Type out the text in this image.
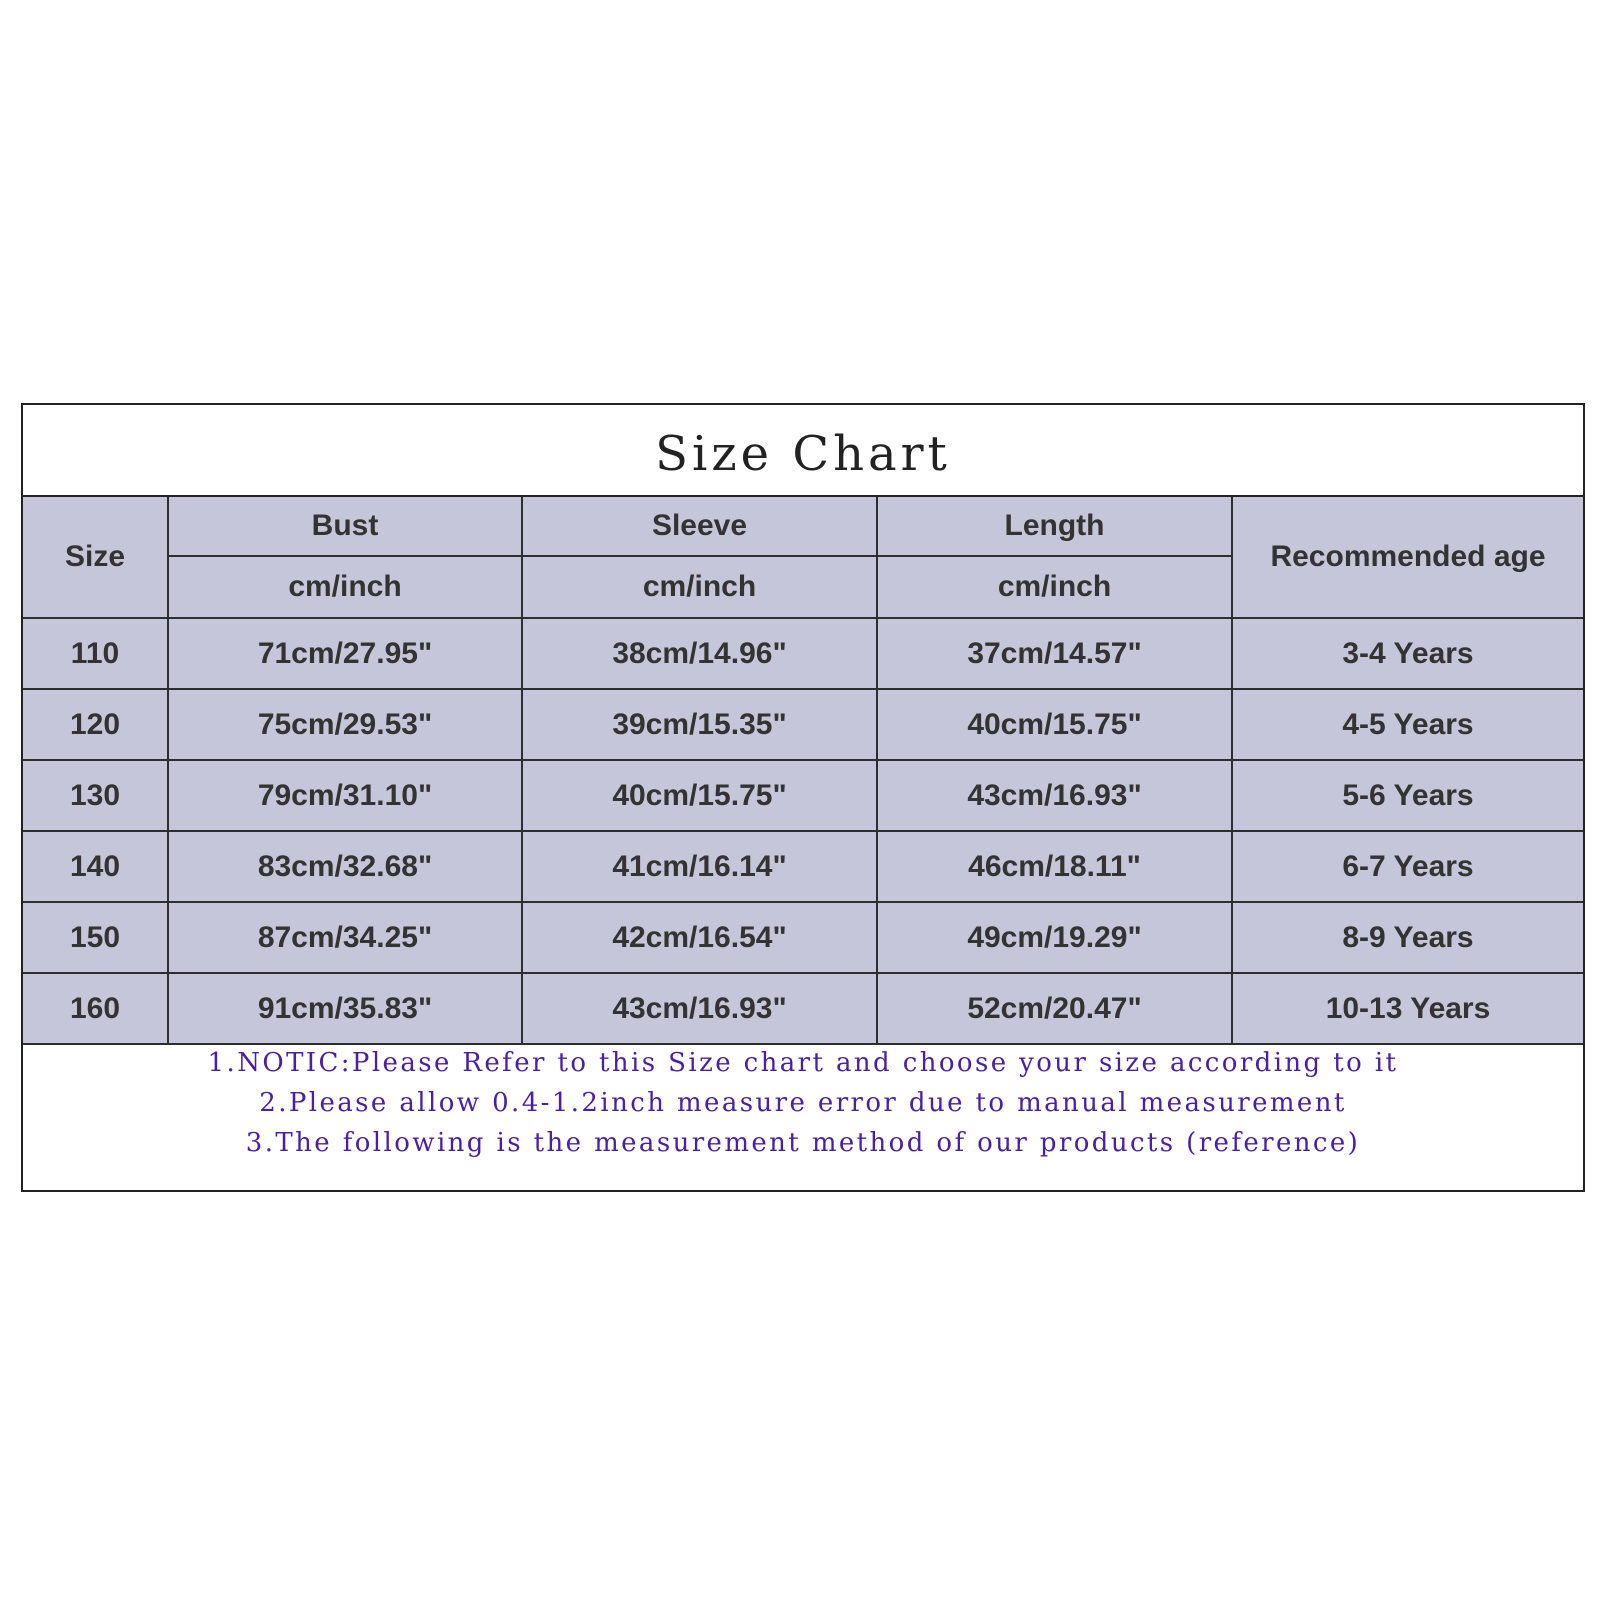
Size Chart
Size	Bust	Sleeve	Length	Recommended age
	cm/inch	cm/inch	cm/inch	
110	71cm/27.95"	38cm/14.96"	37cm/14.57"	3-4 Years
120	75cm/29.53"	39cm/15.35"	40cm/15.75"	4-5 Years
130	79cm/31.10"	40cm/15.75"	43cm/16.93"	5-6 Years
140	83cm/32.68"	41cm/16.14"	46cm/18.11"	6-7 Years
150	87cm/34.25"	42cm/16.54"	49cm/19.29"	8-9 Years
160	91cm/35.83"	43cm/16.93"	52cm/20.47"	10-13 Years
1.NOTIC:Please Refer to this Size chart and choose your size according to it
2.Please allow 0.4-1.2inch measure error due to manual measurement
3.The following is the measurement method of our products (reference)
